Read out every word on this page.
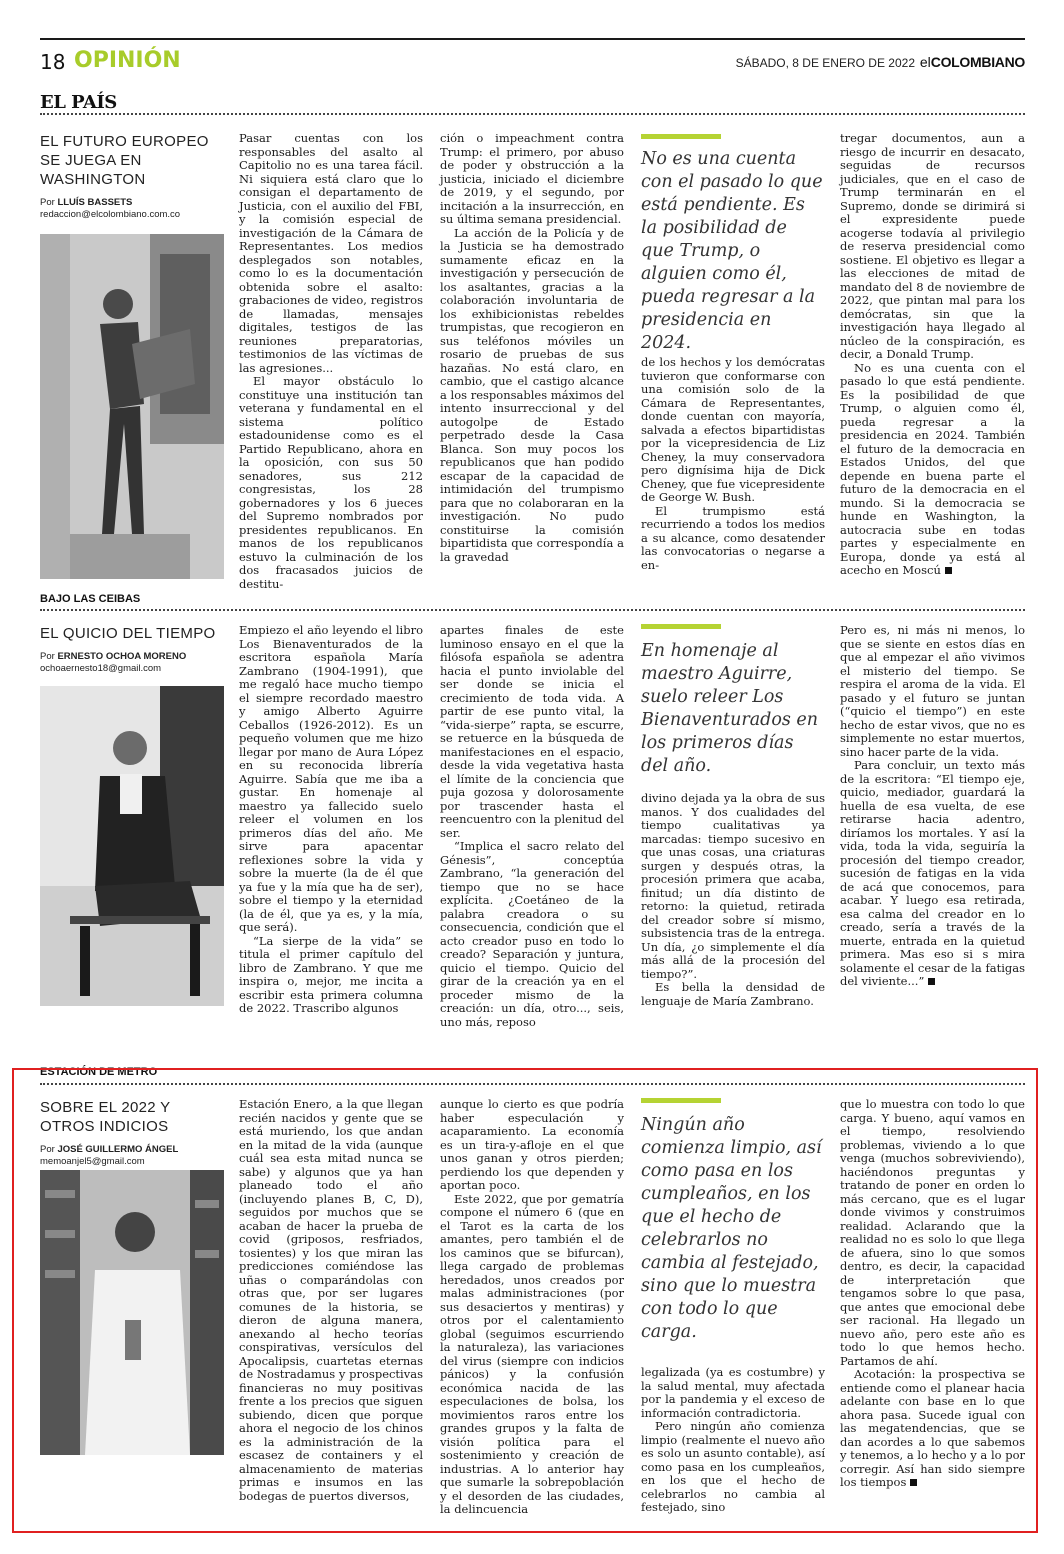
18 OPINIÓN	SÁBADO, 8 DE ENERO DE 2022 elCOLOMBIANO
EL PAÍS
EL FUTURO EUROPEO SE JUEGA EN WASHINGTON
Por LLUÍS BASSETS
redaccion@elcolombiano.com.co

Pasar cuentas con los responsables del asalto al Capitolio no es una tarea fácil. Ni siquiera está claro que lo consigan el departamento de Justicia, con el auxilio del FBI, y la comisión especial de investigación de la Cámara de Representantes. Los medios desplegados son notables, como lo es la documentación obtenida sobre el asalto: grabaciones de video, registros de llamadas, mensajes digitales, testigos de las reuniones preparatorias, testimonios de las víctimas de las agresiones...

El mayor obstáculo lo constituye una institución tan veterana y fundamental en el sistema político estadounidense como es el Partido Republicano, ahora en la oposición, con sus 50 senadores, sus 212 congresistas, los 28 gobernadores y los 6 jueces del Supremo nombrados por presidentes republicanos. En manos de los republicanos estuvo la culminación de los dos fracasados juicios de destitu-

ción o impeachment contra Trump: el primero, por abuso de poder y obstrucción a la justicia, iniciado el diciembre de 2019, y el segundo, por incitación a la insurrección, en su última semana presidencial.

La acción de la Policía y de la Justicia se ha demostrado sumamente eficaz en la investigación y persecución de los asaltantes, gracias a la colaboración involuntaria de los exhibicionistas rebeldes trumpistas, que recogieron en sus teléfonos móviles un rosario de pruebas de sus hazañas. No está claro, en cambio, que el castigo alcance a los responsables máximos del intento insurreccional y del autogolpe de Estado perpetrado desde la Casa Blanca. Son muy pocos los republicanos que han podido escapar de la capacidad de intimidación del trumpismo para que no colaboraran en la investigación. No pudo constituirse la comisión bipartidista que correspondía a la gravedad

No es una cuenta con el pasado lo que está pendiente. Es la posibilidad de que Trump, o alguien como él, pueda regresar a la presidencia en 2024.

de los hechos y los demócratas tuvieron que conformarse con una comisión solo de la Cámara de Representantes, donde cuentan con mayoría, salvada a efectos bipartidistas por la vicepresidencia de Liz Cheney, la muy conservadora pero dignísima hija de Dick Cheney, que fue vicepresidente de George W. Bush.

El trumpismo está recurriendo a todos los medios a su alcance, como desatender las convocatorias o negarse a en-

tregar documentos, aun a riesgo de incurrir en desacato, seguidas de recursos judiciales, que en el caso de Trump terminarán en el Supremo, donde se dirimirá si el expresidente puede acogerse todavía al privilegio de reserva presidencial como sostiene. El objetivo es llegar a las elecciones de mitad de mandato del 8 de noviembre de 2022, que pintan mal para los demócratas, sin que la investigación haya llegado al núcleo de la conspiración, es decir, a Donald Trump.

No es una cuenta con el pasado lo que está pendiente. Es la posibilidad de que Trump, o alguien como él, pueda regresar a la presidencia en 2024. También el futuro de la democracia en Estados Unidos, del que depende en buena parte el futuro de la democracia en el mundo. Si la democracia se hunde en Washington, la autocracia sube en todas partes y especialmente en Europa, donde ya está al acecho en Moscú

BAJO LAS CEIBAS
EL QUICIO DEL TIEMPO
Por ERNESTO OCHOA MORENO
ochoaernesto18@gmail.com

Empiezo el año leyendo el libro Los Bienaventurados de la escritora española María Zambrano (1904-1991), que me regaló hace mucho tiempo el siempre recordado maestro y amigo Alberto Aguirre Ceballos (1926-2012). Es un pequeño volumen que me hizo llegar por mano de Aura López en su reconocida librería Aguirre. Sabía que me iba a gustar. En homenaje al maestro ya fallecido suelo releer el volumen en los primeros días del año. Me sirve para apacentar reflexiones sobre la vida y sobre la muerte (la de él que ya fue y la mía que ha de ser), sobre el tiempo y la eternidad (la de él, que ya es, y la mía, que será).

“La sierpe de la vida” se titula el primer capítulo del libro de Zambrano. Y que me inspira o, mejor, me incita a escribir esta primera columna de 2022. Trascribo algunos

apartes finales de este luminoso ensayo en el que la filósofa española se adentra hacia el punto inviolable del ser donde se inicia el crecimiento de toda vida. A partir de ese punto vital, la “vida-sierpe” rapta, se escurre, se retuerce en la búsqueda de manifestaciones en el espacio, desde la vida vegetativa hasta el límite de la conciencia que puja gozosa y dolorosamente por trascender hasta el reencuentro con la plenitud del ser.

“Implica el sacro relato del Génesis”, conceptúa Zambrano, “la generación del tiempo que no se hace explícita. ¿Coetáneo de la palabra creadora o su consecuencia, condición que el acto creador puso en todo lo creado? Separación y juntura, quicio el tiempo. Quicio del girar de la creación ya en el proceder mismo de la creación: un día, otro..., seis, uno más, reposo

En homenaje al maestro Aguirre, suelo releer Los Bienaventurados en los primeros días del año.

divino dejada ya la obra de sus manos. Y dos cualidades del tiempo cualitativas ya marcadas: tiempo sucesivo en que unas cosas, una criaturas surgen y después otras, la procesión primera que acaba, finitud; un día distinto de retorno: la quietud, retirada del creador sobre sí mismo, subsistencia tras de la entrega. Un día, ¿o simplemente el día más allá de la procesión del tiempo?”.

Es bella la densidad de lenguaje de María Zambrano.

Pero es, ni más ni menos, lo que se siente en estos días en que al empezar el año vivimos el misterio del tiempo. Se respira el aroma de la vida. El pasado y el futuro se juntan (“quicio el tiempo”) en este hecho de estar vivos, que no es simplemente no estar muertos, sino hacer parte de la vida.

Para concluir, un texto más de la escritora: “El tiempo eje, quicio, mediador, guardará la huella de esa vuelta, de ese retirarse hacia adentro, diríamos los mortales. Y así la vida, toda la vida, seguiría la procesión del tiempo creador, sucesión de fatigas en la vida de acá que conocemos, para acabar. Y luego esa retirada, esa calma del creador en lo creado, sería a través de la muerte, entrada en la quietud primera. Mas eso si s mira solamente el cesar de la fatigas del viviente...”

ESTACIÓN DE METRO
SOBRE EL 2022 Y OTROS INDICIOS
Por JOSÉ GUILLERMO ÁNGEL
memoanjel5@gmail.com

Estación Enero, a la que llegan recién nacidos y gente que se está muriendo, los que andan en la mitad de la vida (aunque cuál sea esta mitad nunca se sabe) y algunos que ya han planeado todo el año (incluyendo planes B, C, D), seguidos por muchos que se acaban de hacer la prueba de covid (griposos, resfriados, tosientes) y los que miran las predicciones comiéndose las uñas o comparándolas con otras que, por ser lugares comunes de la historia, se dieron de alguna manera, anexando al hecho teorías conspirativas, versículos del Apocalipsis, cuartetas eternas de Nostradamus y prospectivas financieras no muy positivas frente a los precios que siguen subiendo, dicen que porque ahora el negocio de los chinos es la administración de la escasez de containers y el almacenamiento de materias primas e insumos en las bodegas de puertos diversos,

aunque lo cierto es que podría haber especulación y acaparamiento. La economía es un tira-y-afloje en el que unos ganan y otros pierden; perdiendo los que dependen y aportan poco.

Este 2022, que por gematría compone el número 6 (que en el Tarot es la carta de los amantes, pero también el de los caminos que se bifurcan), llega cargado de problemas heredados, unos creados por malas administraciones (por sus desaciertos y mentiras) y otros por el calentamiento global (seguimos escurriendo la naturaleza), las variaciones del virus (siempre con indicios pánicos) y la confusión económica nacida de las especulaciones de bolsa, los movimientos raros entre los grandes grupos y la falta de visión política para el sostenimiento y creación de industrias. A lo anterior hay que sumarle la sobrepoblación y el desorden de las ciudades, la delincuencia

Ningún año comienza limpio, así como pasa en los cumpleaños, en los que el hecho de celebrarlos no cambia al festejado, sino que lo muestra con todo lo que carga.

legalizada (ya es costumbre) y la salud mental, muy afectada por la pandemia y el exceso de información contradictoria.

Pero ningún año comienza limpio (realmente el nuevo año es solo un asunto contable), así como pasa en los cumpleaños, en los que el hecho de celebrarlos no cambia al festejado, sino

que lo muestra con todo lo que carga. Y bueno, aquí vamos en el tiempo, resolviendo problemas, viviendo a lo que venga (muchos sobreviviendo), haciéndonos preguntas y tratando de poner en orden lo más cercano, que es el lugar donde vivimos y construimos realidad. Aclarando que la realidad no es solo lo que llega de afuera, sino lo que somos dentro, es decir, la capacidad de interpretación que tengamos sobre lo que pasa, que antes que emocional debe ser racional. Ha llegado un nuevo año, pero este año es todo lo que hemos hecho. Partamos de ahí.

Acotación: la prospectiva se entiende como el planear hacia adelante con base en lo que ahora pasa. Sucede igual con las megatendencias, que se dan acordes a lo que sabemos y tenemos, a lo hecho y a lo por corregir. Así han sido siempre los tiempos
